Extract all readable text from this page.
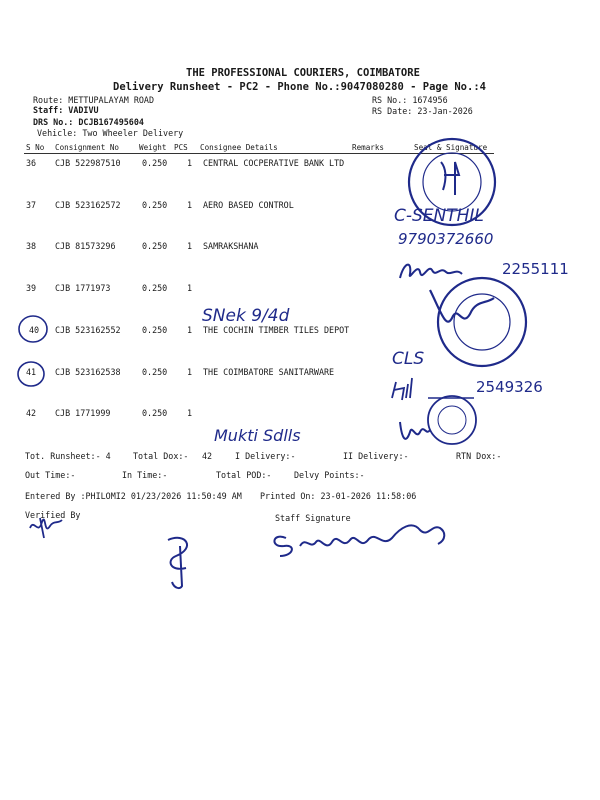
THE PROFESSIONAL COURIERS, COIMBATORE
Delivery Runsheet - PC2 - Phone No.:9047080280 - Page No.:4
Route: METTUPALAYAM ROAD
Staff: VADIVU
DRS No.: DCJB167495604
Vehicle: Two Wheeler Delivery
RS No.: 1674956
RS Date: 23-Jan-2026
S No Consignment No	Weight PCS Consignee Details	Remarks	Seal & Signature
36 CJB 522987510	0.250 1 CENTRAL COCPERATIVE BANK LTD
37 CJB 523162572	0.250 1 AERO BASED CONTROL
38 CJB 81573296	0.250 1 SAMRAKSHANA
39 CJB 1771973	0.250 1
40 CJB 523162552	0.250 1 THE COCHIN TIMBER TILES DEPOT
41 CJB 523162538	0.250 1 THE COIMBATORE SANITARWARE
42 CJB 1771999	0.250 1
Tot. Runsheet:- 4	Total Dox:- 42	I Delivery:-	II Delivery:-	RTN Dox:-
Out Time:-	In Time:-	Total POD:-	Delvy Points:-
Entered By :PHILOMI2 01/23/2026 11:50:49 AM Printed On: 23-01-2026 11:58:06
Verified By	Staff Signature
C-SENTHIL
9790372660
2255111
SNek 9/4d
CLS
2549326
Mukti Sdlls
